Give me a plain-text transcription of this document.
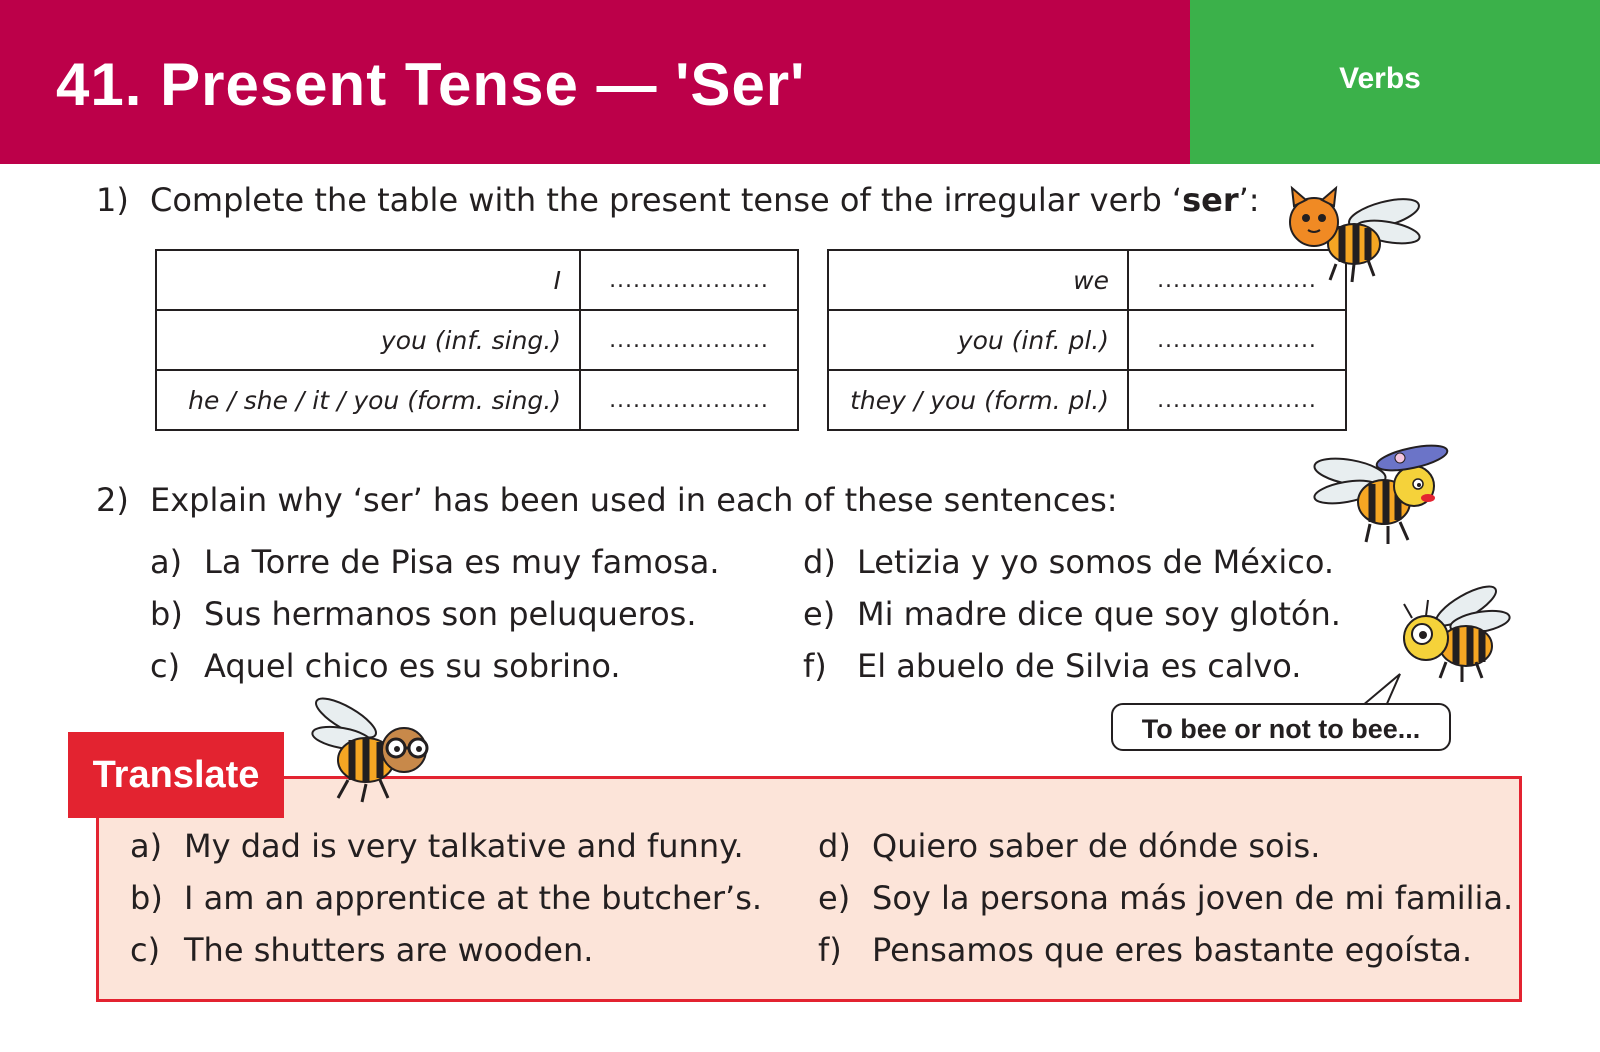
41. Present Tense — 'Ser'	Verbs
1) Complete the table with the present tense of the irregular verb ‘ser’:
I	....................
you (inf. sing.)	....................
he / she / it / you (form. sing.)	....................
we	....................
you (inf. pl.)	....................
they / you (form. pl.)	....................
2) Explain why ‘ser’ has been used in each of these sentences:
a) La Torre de Pisa es muy famosa.
b) Sus hermanos son peluqueros.
c) Aquel chico es su sobrino.
d) Letizia y yo somos de México.
e) Mi madre dice que soy glotón.
f) El abuelo de Silvia es calvo.
Translate
a) My dad is very talkative and funny.
b) I am an apprentice at the butcher’s.
c) The shutters are wooden.
d) Quiero saber de dónde sois.
e) Soy la persona más joven de mi familia.
f) Pensamos que eres bastante egoísta.
To bee or not to bee...
